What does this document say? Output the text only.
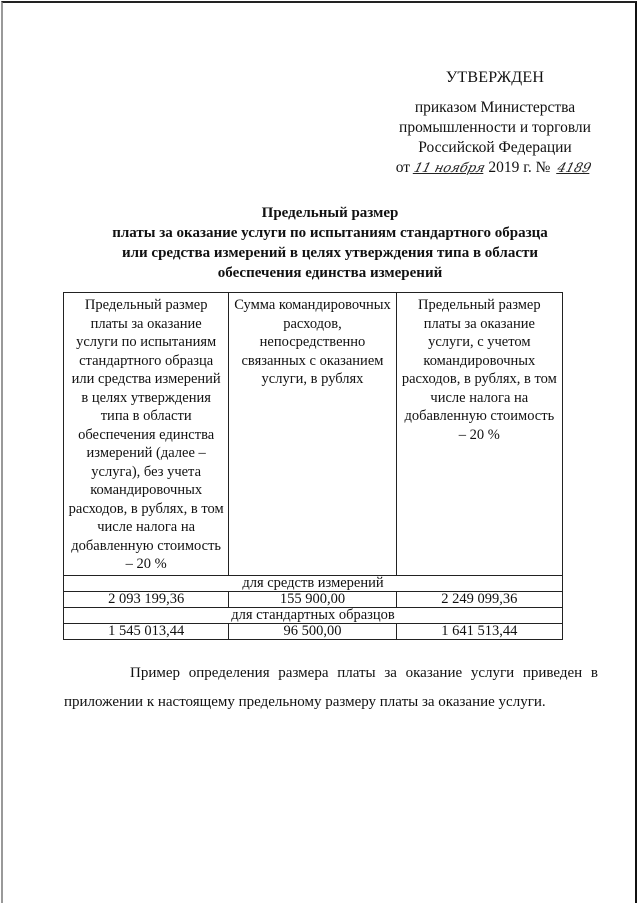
УТВЕРЖДЕН
приказом Министерства
промышленности и торговли
Российской Федерации
от 11 ноября 2019 г. № 4189
Предельный размер
платы за оказание услуги по испытаниям стандартного образца
или средства измерений в целях утверждения типа в области
обеспечения единства измерений
Предельный размер платы за оказание услуги по испытаниям стандартного образца или средства измерений в целях утверждения типа в области обеспечения единства измерений (далее – услуга), без учета командировочных расходов, в рублях, в том числе налога на добавленную стоимость – 20 %	Сумма командировочных расходов, непосредственно связанных с оказанием услуги, в рублях	Предельный размер платы за оказание услуги, с учетом командировочных расходов, в рублях, в том числе налога на добавленную стоимость – 20 %
для средств измерений		
2 093 199,36	155 900,00	2 249 099,36
для стандартных образцов		
1 545 013,44	96 500,00	1 641 513,44
Пример определения размера платы за оказание услуги приведен в приложении к настоящему предельному размеру платы за оказание услуги.
